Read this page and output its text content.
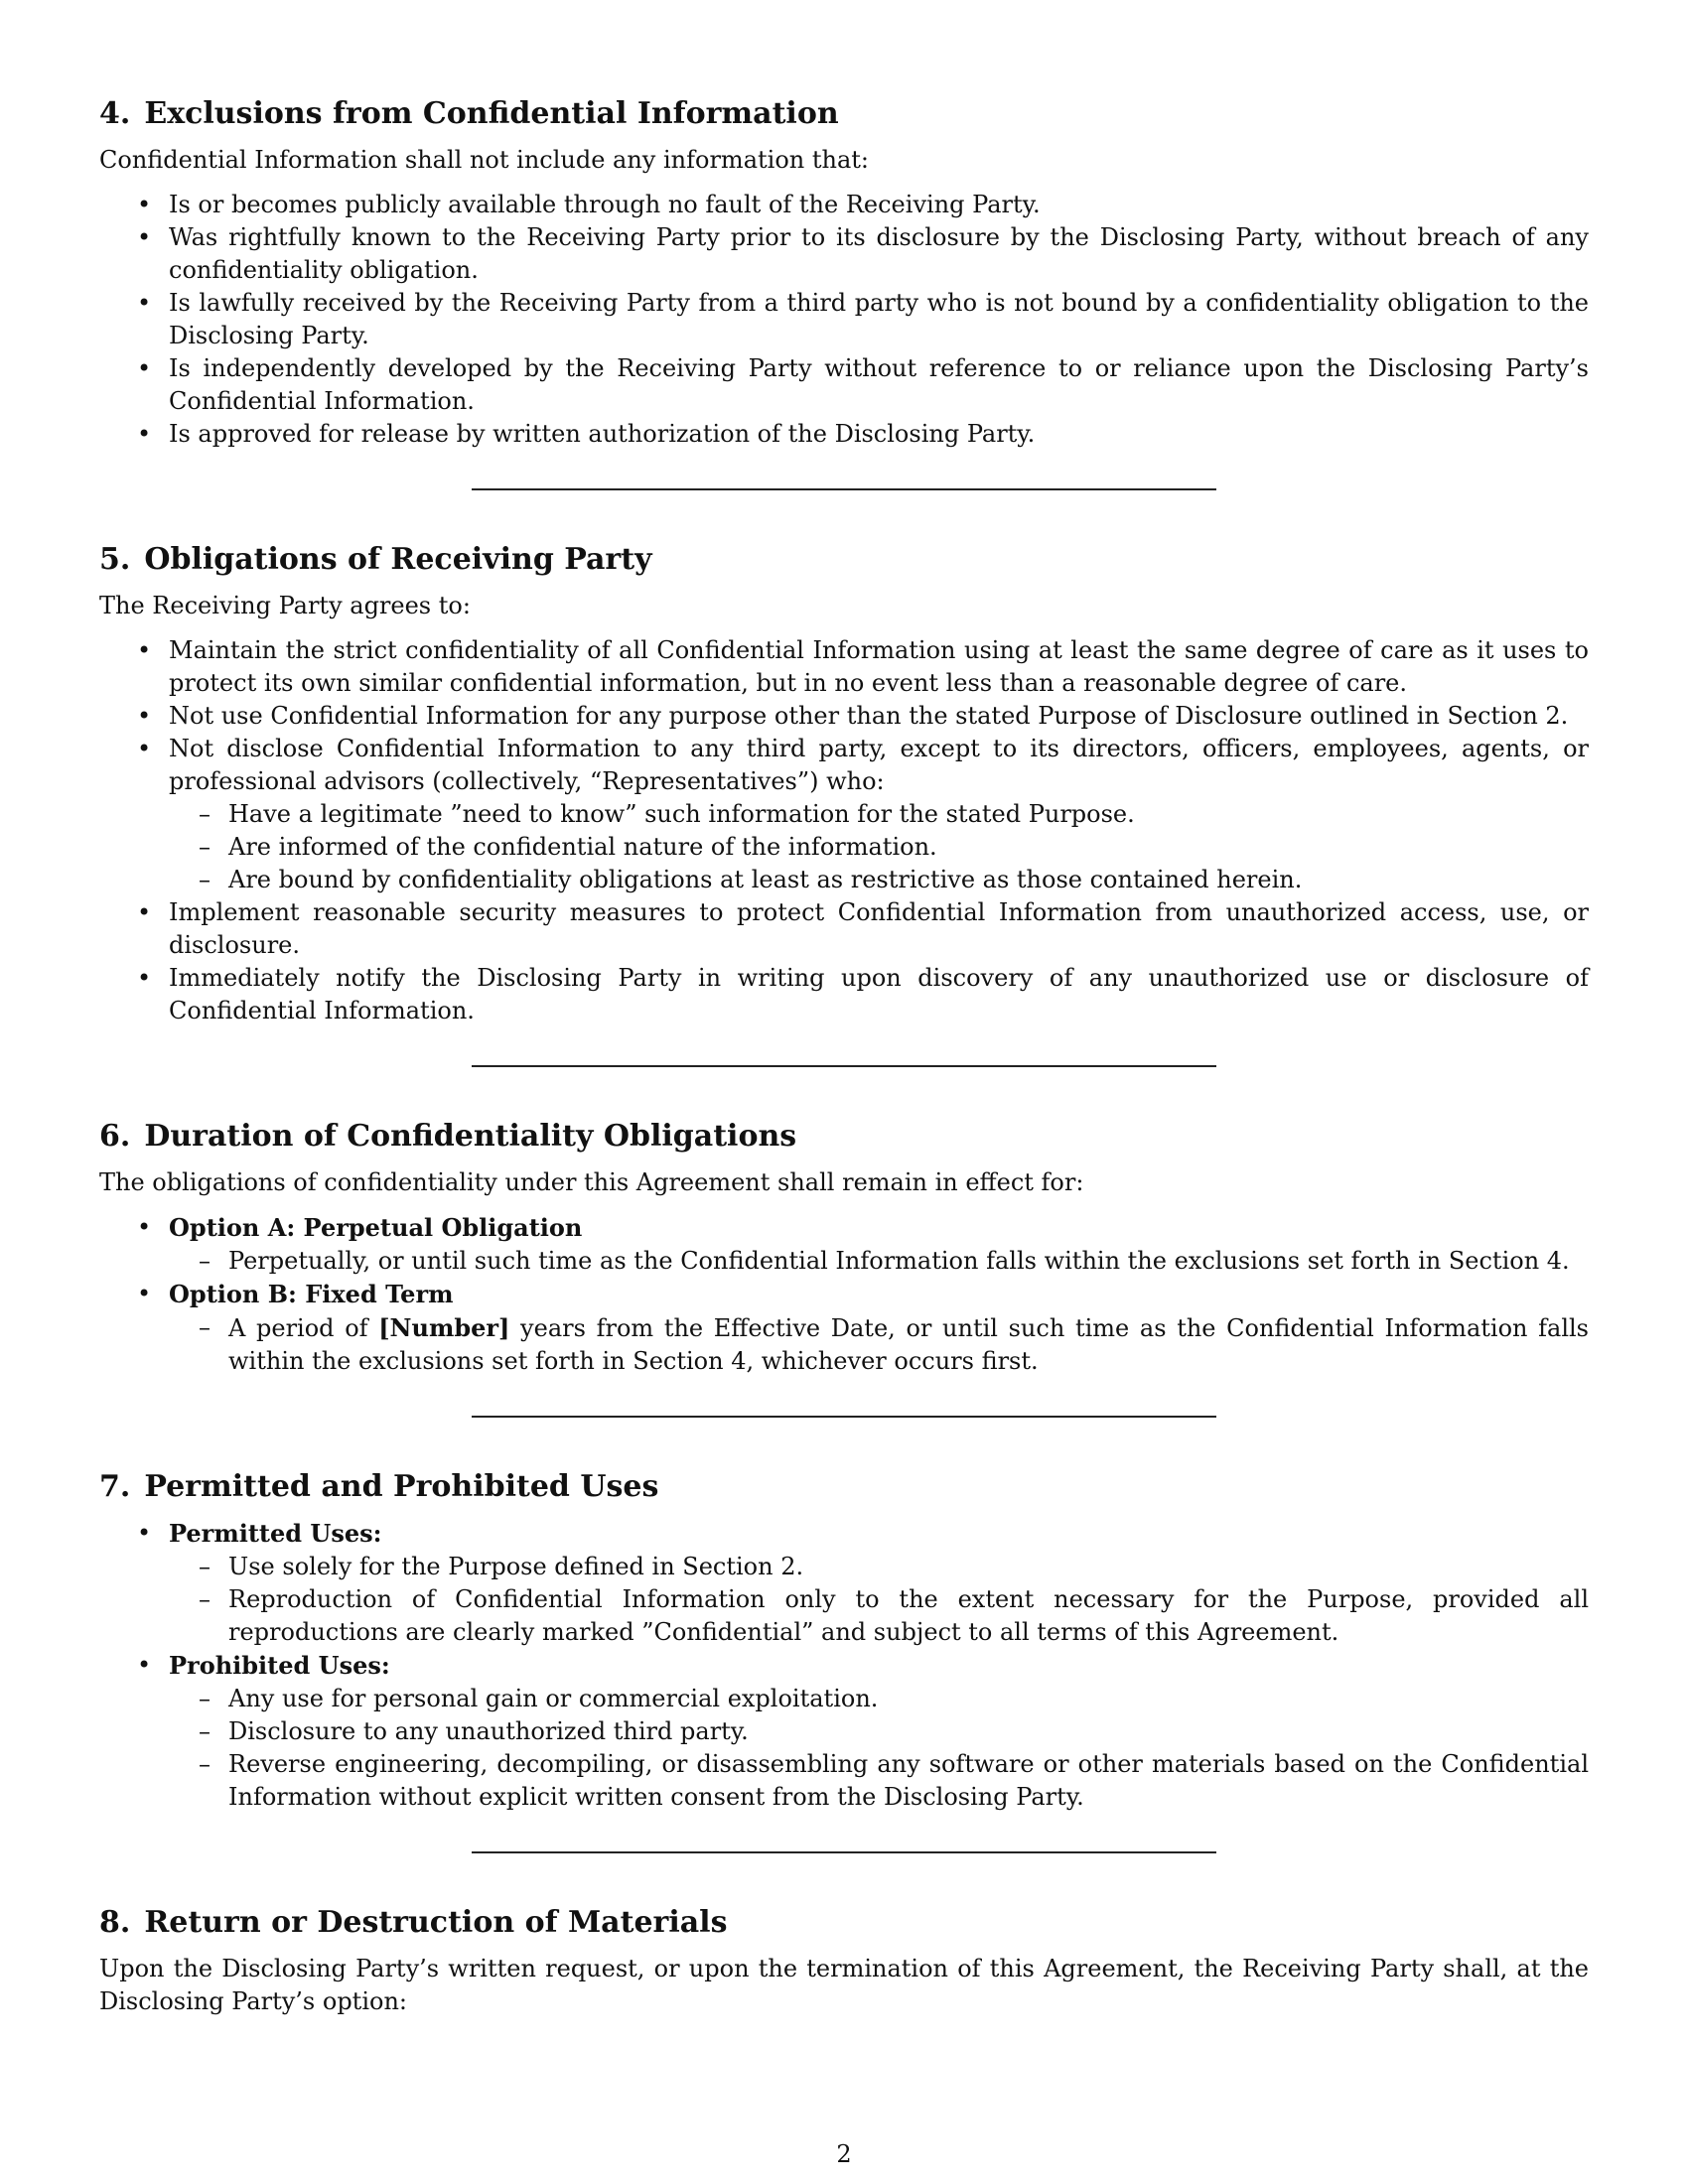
4. Exclusions from Confidential Information

Confidential Information shall not include any information that:

• Is or becomes publicly available through no fault of the Receiving Party.
• Was rightfully known to the Receiving Party prior to its disclosure by the Disclosing Party, without breach of any confidentiality obligation.
• Is lawfully received by the Receiving Party from a third party who is not bound by a confidentiality obligation to the Disclosing Party.
• Is independently developed by the Receiving Party without reference to or reliance upon the Disclosing Party’s Confidential Information.
• Is approved for release by written authorization of the Disclosing Party.
5. Obligations of Receiving Party

The Receiving Party agrees to:

• Maintain the strict confidentiality of all Confidential Information using at least the same degree of care as it uses to protect its own similar confidential information, but in no event less than a reasonable degree of care.
• Not use Confidential Information for any purpose other than the stated Purpose of Disclosure outlined in Section 2.
• Not disclose Confidential Information to any third party, except to its directors, officers, employees, agents, or professional advisors (collectively, “Representatives”) who:
– Have a legitimate ”need to know” such information for the stated Purpose.
– Are informed of the confidential nature of the information.
– Are bound by confidentiality obligations at least as restrictive as those contained herein.
• Implement reasonable security measures to protect Confidential Information from unauthorized access, use, or disclosure.
• Immediately notify the Disclosing Party in writing upon discovery of any unauthorized use or disclosure of Confidential Information.
6. Duration of Confidentiality Obligations

The obligations of confidentiality under this Agreement shall remain in effect for:

• Option A: Perpetual Obligation
– Perpetually, or until such time as the Confidential Information falls within the exclusions set forth in Section 4.
• Option B: Fixed Term
– A period of [Number] years from the Effective Date, or until such time as the Confidential Information falls within the exclusions set forth in Section 4, whichever occurs first.
7. Permitted and Prohibited Uses
• Permitted Uses:
– Use solely for the Purpose defined in Section 2.
– Reproduction of Confidential Information only to the extent necessary for the Purpose, provided all reproductions are clearly marked ”Confidential” and subject to all terms of this Agreement.
• Prohibited Uses:
– Any use for personal gain or commercial exploitation.
– Disclosure to any unauthorized third party.
– Reverse engineering, decompiling, or disassembling any software or other materials based on the Confidential Information without explicit written consent from the Disclosing Party.
8. Return or Destruction of Materials

Upon the Disclosing Party’s written request, or upon the termination of this Agreement, the Receiving Party shall, at the Disclosing Party’s option:

2
